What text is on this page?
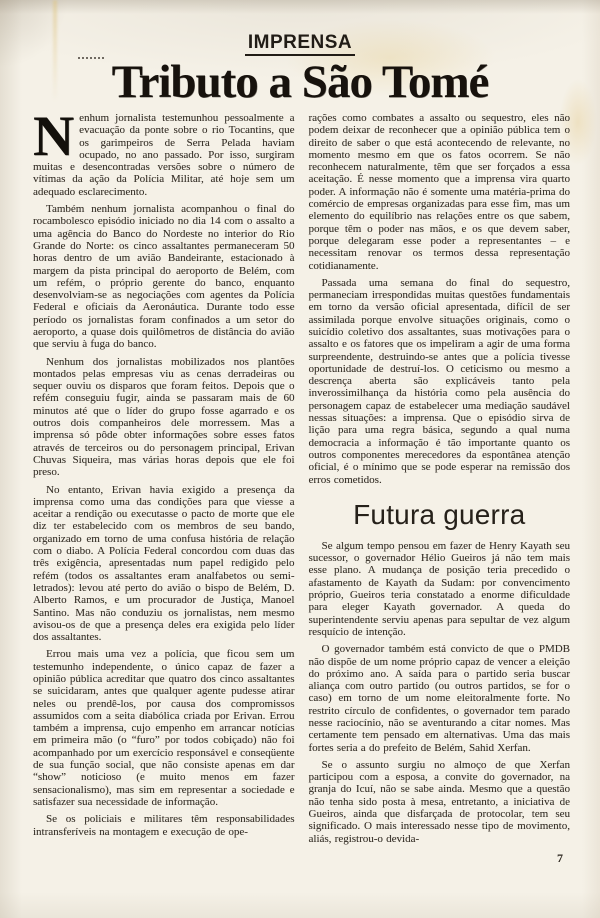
IMPRENSA
Tributo a São Tomé

Nenhum jornalista testemunhou pessoalmente a evacuação da ponte sobre o rio Tocantins, que os garimpeiros de Serra Pelada haviam ocupado, no ano passado. Por isso, surgiram muitas e desencontradas versões sobre o número de vítimas da ação da Polícia Militar, até hoje sem um adequado esclarecimento.

Também nenhum jornalista acompanhou o final do rocambolesco episódio iniciado no dia 14 com o assalto a uma agência do Banco do Nordeste no interior do Rio Grande do Norte: os cinco assaltantes permaneceram 50 horas dentro de um avião Bandeirante, estacionado à margem da pista principal do aeroporto de Belém, com um refém, o próprio gerente do banco, enquanto desenvolviam-se as negociações com agentes da Polícia Federal e oficiais da Aeronáutica. Durante todo esse período os jornalistas foram confinados a um setor do aeroporto, a quase dois quilômetros de distância do avião que serviu à fuga do banco.

Nenhum dos jornalistas mobilizados nos plantões montados pelas empresas viu as cenas derradeiras ou sequer ouviu os disparos que foram feitos. Depois que o refém conseguiu fugir, ainda se passaram mais de 60 minutos até que o líder do grupo fosse agarrado e os outros dois companheiros dele morressem. Mas a imprensa só pôde obter informações sobre esses fatos através de terceiros ou do personagem principal, Erivan Chuvas Siqueira, mas várias horas depois que ele foi preso.

No entanto, Erivan havia exigido a presença da imprensa como uma das condições para que viesse a aceitar a rendição ou executasse o pacto de morte que ele diz ter estabelecido com os membros de seu bando, organizado em torno de uma confusa história de relação com o diabo. A Polícia Federal concordou com duas das três exigência, apresentadas num papel redigido pelo refém (todos os assaltantes eram analfabetos ou semi-letrados): levou até perto do avião o bispo de Belém, D. Alberto Ramos, e um procurador de Justiça, Manoel Santino. Mas não conduziu os jornalistas, nem mesmo avisou-os de que a presença deles era exigida pelo líder dos assaltantes.

Errou mais uma vez a polícia, que ficou sem um testemunho independente, o único capaz de fazer a opinião pública acreditar que quatro dos cinco assaltantes se suicidaram, antes que qualquer agente pudesse atirar neles ou prendê-los, por causa dos compromissos assumidos com a seita diabólica criada por Erivan. Errou também a imprensa, cujo empenho em arrancar notícias em primeira mão (o “furo” por todos cobiçado) não foi acompanhado por um exercício responsável e conseqüente de sua função social, que não consiste apenas em dar “show” noticioso (e muito menos em fazer sensacionalismo), mas sim em representar a sociedade e satisfazer sua necessidade de informação.

Se os policiais e militares têm responsabilidades intransferíveis na montagem e execução de ope-

rações como combates a assalto ou sequestro, eles não podem deixar de reconhecer que a opinião pública tem o direito de saber o que está acontecendo de relevante, no momento mesmo em que os fatos ocorrem. Se não reconhecem naturalmente, têm que ser forçados a essa aceitação. É nesse momento que a imprensa vira quarto poder. A informação não é somente uma matéria-prima do comércio de empresas organizadas para esse fim, mas um elemento do equilíbrio nas relações entre os que sabem, porque têm o poder nas mãos, e os que devem saber, porque delegaram esse poder a representantes – e necessitam renovar os termos dessa representação cotidianamente.

Passada uma semana do final do sequestro, permaneciam irrespondidas muitas questões fundamentais em torno da versão oficial apresentada, difícil de ser assimilada porque envolve situações originais, como o suicídio coletivo dos assaltantes, suas motivações para o assalto e os fatores que os impeliram a agir de uma forma surpreendente, destruindo-se antes que a polícia tivesse oportunidade de destruí-los. O ceticismo ou mesmo a descrença aberta são explicáveis tanto pela inverossimilhança da história como pela ausência do personagem capaz de estabelecer uma mediação saudável nessas situações: a imprensa. Que o episódio sirva de lição para uma regra básica, segundo a qual numa democracia a informação é tão importante quanto os outros componentes merecedores da espontânea atenção oficial, é o mínimo que se pode esperar na remissão dos erros cometidos.

Futura guerra

Se algum tempo pensou em fazer de Henry Kayath seu sucessor, o governador Hélio Gueiros já não tem mais esse plano. A mudança de posição teria precedido o afastamento de Kayath da Sudam: por convencimento próprio, Gueiros teria constatado a enorme dificuldade para eleger Kayath governador. A queda do superintendente serviu apenas para sepultar de vez algum resquício de intenção.

O governador também está convicto de que o PMDB não dispõe de um nome próprio capaz de vencer a eleição do próximo ano. A saída para o partido seria buscar aliança com outro partido (ou outros partidos, se for o caso) em torno de um nome eleitoralmente forte. No restrito círculo de confidentes, o governador tem parado nesse raciocínio, não se aventurando a citar nomes. Mas certamente tem pensado em alternativas. Uma das mais fortes seria a do prefeito de Belém, Sahid Xerfan.

Se o assunto surgiu no almoço de que Xerfan participou com a esposa, a convite do governador, na granja do Icuí, não se sabe ainda. Mesmo que a questão não tenha sido posta à mesa, entretanto, a iniciativa de Gueiros, ainda que disfarçada de protocolar, tem seu significado. O mais interessado nesse tipo de movimento, aliás, registrou-o devida-

7
